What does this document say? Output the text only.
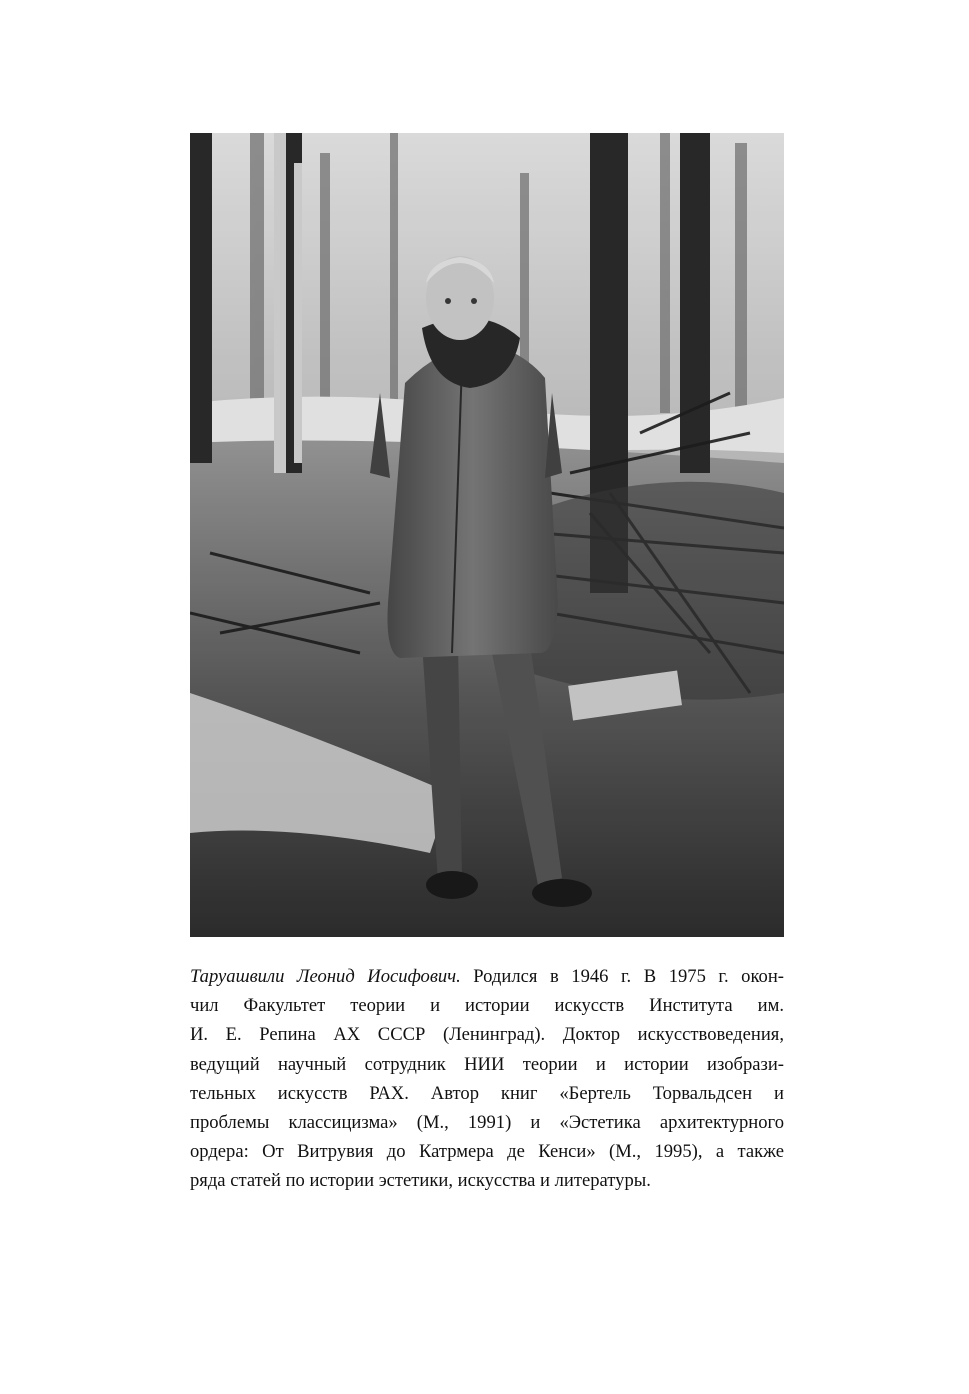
Таруашвили Леонид Иосифович. Родился в 1946 г. В 1975 г. окон-
чил Факультет теории и истории искусств Института им.
И. Е. Репина АХ СССР (Ленинград). Доктор искусствоведения,
ведущий научный сотрудник НИИ теории и истории изобрази-
тельных искусств РАХ. Автор книг «Бертель Торвальдсен и
проблемы классицизма» (М., 1991) и «Эстетика архитектурного
ордера: От Витрувия до Катрмера де Кенси» (М., 1995), а также
ряда статей по истории эстетики, искусства и литературы.
